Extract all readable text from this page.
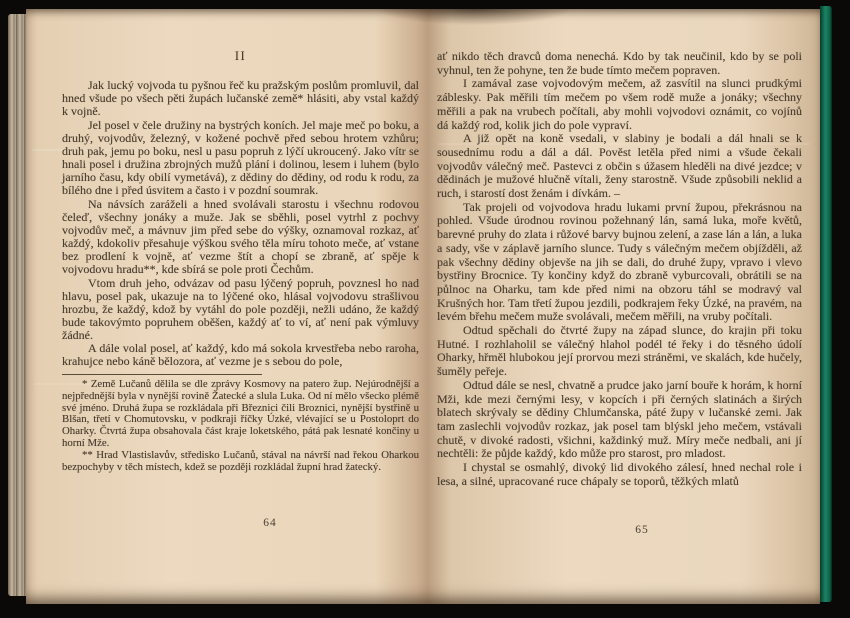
II

Jak lucký vojvoda tu pyšnou řeč ku pražským poslům promluvil, dal hned všude po všech pěti župách lučanské země* hlásiti, aby vstal každý k vojně.

Jel posel v čele družiny na bystrých koních. Jel maje meč po boku, a druhý, vojvodův, železný, v kožené pochvě před sebou hrotem vzhůru; druh pak, jemu po boku, nesl u pasu popruh z lýčí ukroucený. Jako vítr se hnali posel i družina zbrojných mužů plání i dolinou, lesem i luhem (bylo jarního času, kdy obilí vymetává), z dědiny do dědiny, od rodu k rodu, za bílého dne i před úsvitem a často i v pozdní soumrak.

Na návsích zaráželi a hned svolávali starostu i všechnu rodovou čeleď, všechny jonáky a muže. Jak se sběhli, posel vytrhl z pochvy vojvodův meč, a mávnuv jim před sebe do výšky, oznamoval rozkaz, ať každý, kdokoliv přesahuje výškou svého těla míru tohoto meče, ať vstane bez prodlení k vojně, ať vezme štít a chopí se zbraně, ať spěje k vojvodovu hradu**, kde sbírá se pole proti Čechům.

Vtom druh jeho, odvázav od pasu lýčený popruh, povznesl ho nad hlavu, posel pak, ukazuje na to lýčené oko, hlásal vojvodovu strašlivou hrozbu, že každý, kdož by vytáhl do pole později, nežli udáno, že každý bude takovýmto popruhem oběšen, každý ať to ví, ať není pak výmluvy žádné.

A dále volal posel, ať každý, kdo má sokola krvestřeba nebo raroha, krahujce nebo káně bělozora, ať vezme je s sebou do pole,

* Země Lučanů dělila se dle zprávy Kosmovy na patero žup. Nejúrodnější a nejpřednější byla v nynější rovině Žatecké a slula Luka. Od ní mělo všecko plémě své jméno. Druhá župa se rozkládala při Březnici čili Broznici, nynější bystřině u Blšan, třetí v Chomutovsku, v podkraji říčky Úzké, vlévající se u Postoloprt do Oharky. Čtvrtá župa obsahovala část kraje loketského, pátá pak lesnaté končiny u horní Mže.

** Hrad Vlastislavův, středisko Lučanů, stával na návrší nad řekou Oharkou bezpochyby v těch místech, kdež se později rozkládal župní hrad žatecký.

64

ať nikdo těch dravců doma nenechá. Kdo by tak neučinil, kdo by se poli vyhnul, ten že pohyne, ten že bude tímto mečem popraven.

I zamával zase vojvodovým mečem, až zasvítil na slunci prudkými záblesky. Pak měřili tím mečem po všem rodě muže a jonáky; všechny měřili a pak na vrubech počítali, aby mohli vojvodovi oznámit, co vojínů dá každý rod, kolik jich do pole vypraví.

A již opět na koně vsedali, v slabiny je bodali a dál hnali se k sousednímu rodu a dál a dál. Pověst letěla před nimi a všude čekali vojvodův válečný meč. Pastevci z občin s úžasem hleděli na divé jezdce; v dědinách je mužové hlučně vítali, ženy starostně. Všude způsobili neklid a ruch, i starostí dost ženám i dívkám. –

Tak projeli od vojvodova hradu lukami první župou, překrásnou na pohled. Všude úrodnou rovinou požehnaný lán, samá luka, moře květů, barevné pruhy do zlata i růžové barvy bujnou zelení, a zase lán a lán, a luka a sady, vše v záplavě jarního slunce. Tudy s válečným mečem objížděli, až pak všechny dědiny objevše na jih se dali, do druhé župy, vpravo i vlevo bystřiny Brocnice. Ty končiny když do zbraně vyburcovali, obrátili se na půlnoc na Oharku, tam kde před nimi na obzoru táhl se modravý val Krušných hor. Tam třetí župou jezdili, podkrajem řeky Úzké, na pravém, na levém břehu mečem muže svolávali, mečem měřili, na vruby počítali.

Odtud spěchali do čtvrté župy na západ slunce, do krajin při toku Hutné. I rozhlaholil se válečný hlahol podél té řeky i do těsného údolí Oharky, hřměl hlubokou její prorvou mezi stráněmi, ve skalách, kde hučely, šuměly peřeje.

Odtud dále se nesl, chvatně a prudce jako jarní bouře k horám, k horní Mži, kde mezi černými lesy, v kopcích i při černých slatinách a širých blatech skrývaly se dědiny Chlumčanska, páté župy v lučanské zemi. Jak tam zaslechli vojvodův rozkaz, jak posel tam blýskl jeho mečem, vstávali chutě, v divoké radosti, všichni, každinký muž. Míry meče nedbali, ani jí nechtěli: že půjde každý, kdo může pro starost, pro mladost.

I chystal se osmahlý, divoký lid divokého zálesí, hned nechal role i lesa, a silné, upracované ruce chápaly se toporů, těžkých mlatů

65
